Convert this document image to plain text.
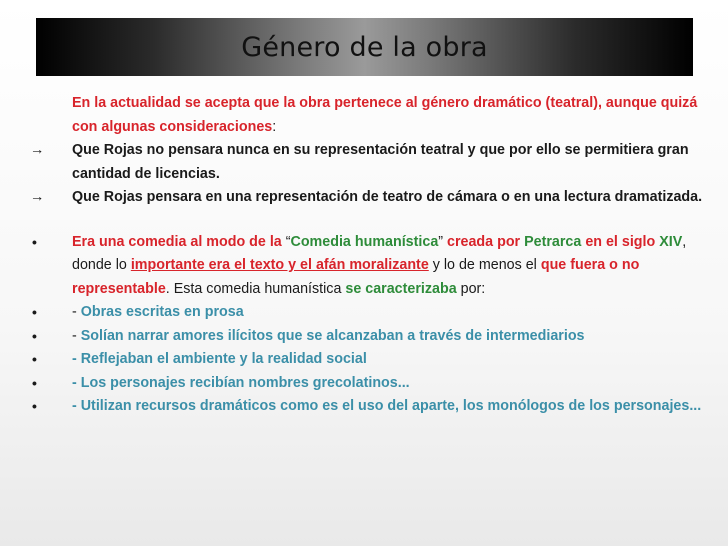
Género de la obra

En la actualidad se acepta que la obra pertenece al género dramático (teatral), aunque quizá con algunas consideraciones:

→	Que Rojas no pensara nunca en su representación teatral y que por ello se permitiera gran cantidad de licencias.

→	Que Rojas pensara en una representación de teatro de cámara o en una lectura dramatizada.

•	Era una comedia al modo de la “Comedia humanística” creada por Petrarca en el siglo XIV, donde lo importante era el texto y el afán moralizante y lo de menos el que fuera o no representable. Esta comedia humanística se caracterizaba por:

•	- Obras escritas en prosa

•	- Solían narrar amores ilícitos que se alcanzaban a través de intermediarios

•	- Reflejaban el ambiente y la realidad social

•	- Los personajes recibían nombres grecolatinos...

•	- Utilizan recursos dramáticos como es el uso del aparte, los monólogos de los personajes...
